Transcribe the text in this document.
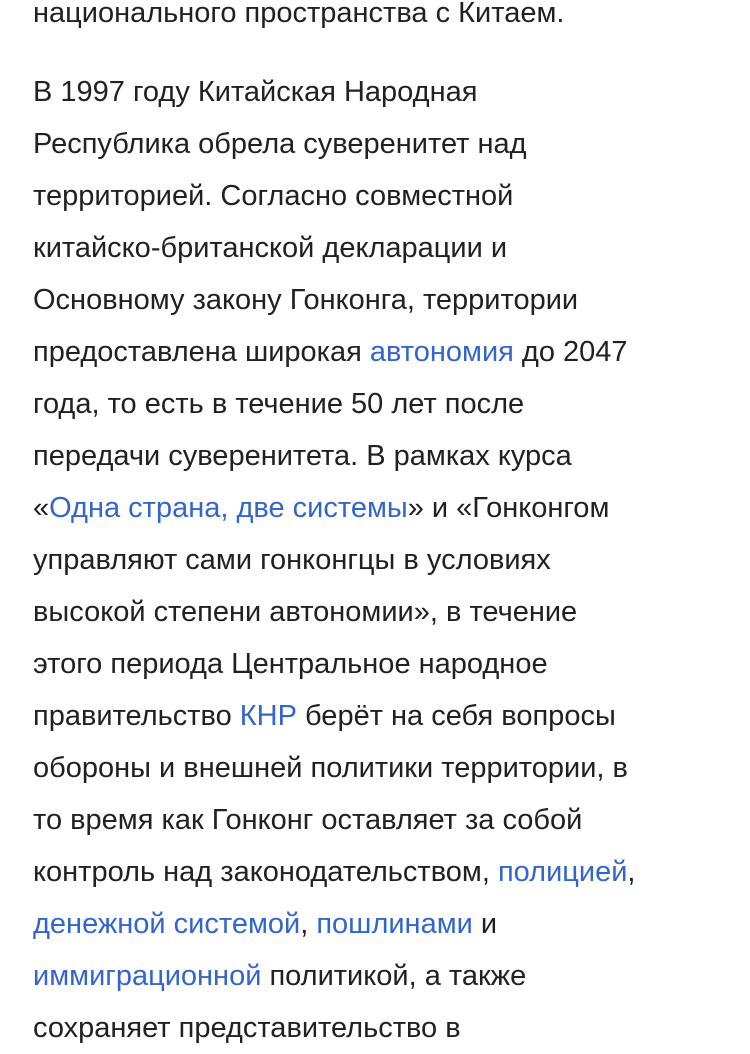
национального пространства с Китаем.

В 1997 году Китайская Народная
Республика обрела суверенитет над
территорией. Согласно совместной
китайско-британской декларации и
Основному закону Гонконга, территории
предоставлена широкая автономия до 2047
года, то есть в течение 50 лет после
передачи суверенитета. В рамках курса
«Одна страна, две системы» и «Гонконгом
управляют сами гонконгцы в условиях
высокой степени автономии», в течение
этого периода Центральное народное
правительство КНР берёт на себя вопросы
обороны и внешней политики территории, в
то время как Гонконг оставляет за собой
контроль над законодательством, полицией,
денежной системой, пошлинами и
иммиграционной политикой, а также
сохраняет представительство в
